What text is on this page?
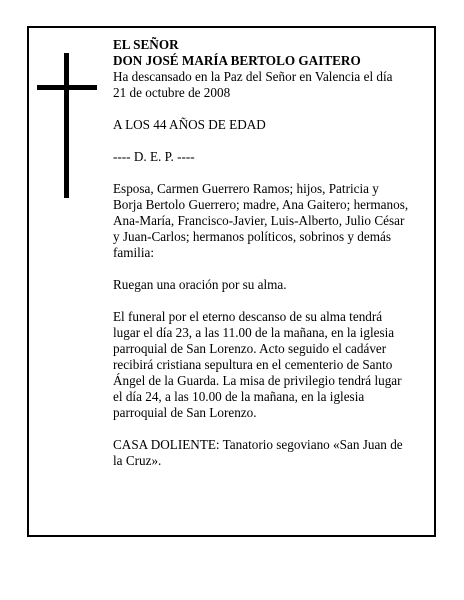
EL SEÑOR

DON JOSÉ MARÍA BERTOLO GAITERO

Ha descansado en la Paz del Señor en Valencia el día

21 de octubre de 2008

A LOS 44 AÑOS DE EDAD

---- D. E. P. ----

Esposa, Carmen Guerrero Ramos; hijos, Patricia y

Borja Bertolo Guerrero; madre, Ana Gaitero; hermanos,

Ana-María, Francisco-Javier, Luis-Alberto, Julio César

y Juan-Carlos; hermanos políticos, sobrinos y demás

familia:

Ruegan una oración por su alma.

El funeral por el eterno descanso de su alma tendrá

lugar el día 23, a las 11.00 de la mañana, en la iglesia

parroquial de San Lorenzo. Acto seguido el cadáver

recibirá cristiana sepultura en el cementerio de Santo

Ángel de la Guarda. La misa de privilegio tendrá lugar

el día 24, a las 10.00 de la mañana, en la iglesia

parroquial de San Lorenzo.

CASA DOLIENTE: Tanatorio segoviano «San Juan de

la Cruz».
